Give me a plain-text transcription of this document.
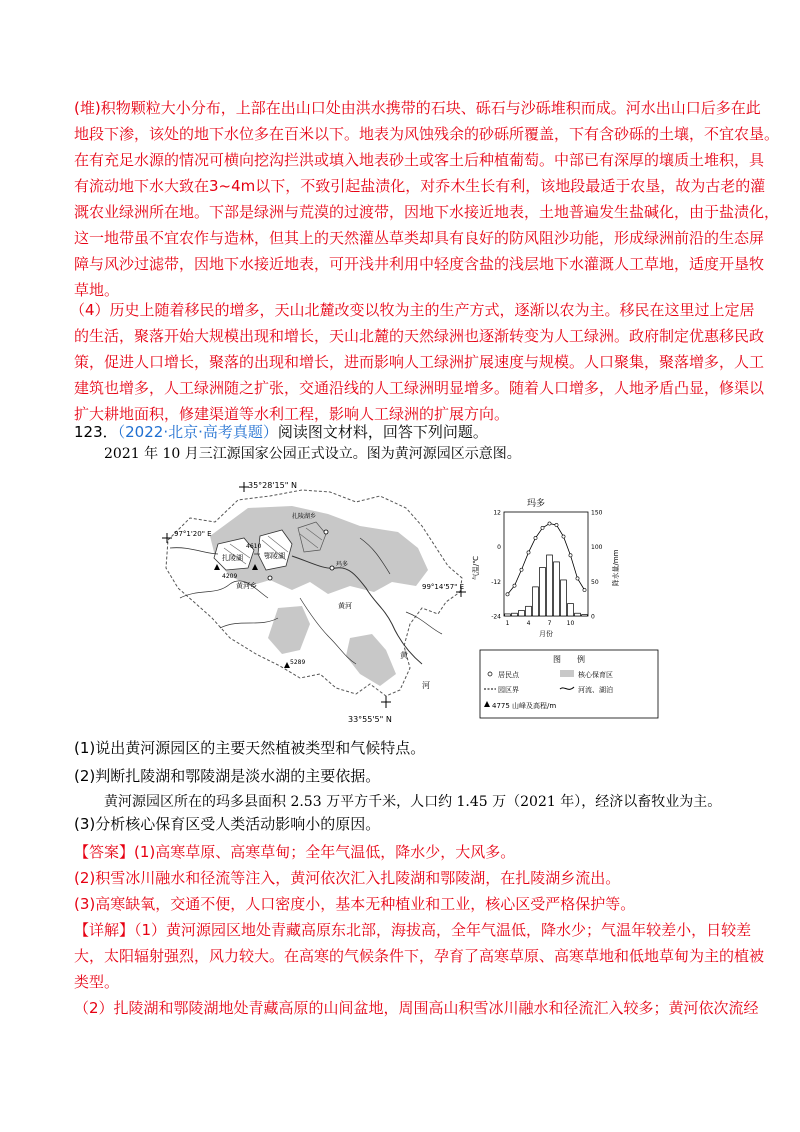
(堆)积物颗粒大小分布，上部在出山口处由洪水携带的石块、砾石与沙砾堆积而成。河水出山口后多在此
地段下渗，该处的地下水位多在百米以下。地表为风蚀残余的砂砾所覆盖，下有含砂砾的土壤，不宜农垦。
在有充足水源的情况可横向挖沟拦洪或填入地表砂土或客土后种植葡萄。中部已有深厚的壤质土堆积，具
有流动地下水大致在3~4m以下，不致引起盐渍化，对乔木生长有利，该地段最适于农垦，故为古老的灌
溉农业绿洲所在地。下部是绿洲与荒漠的过渡带，因地下水接近地表，土地普遍发生盐碱化，由于盐渍化，
这一地带虽不宜农作与造林，但其上的天然灌丛草类却具有良好的防风阻沙功能，形成绿洲前沿的生态屏
障与风沙过滤带，因地下水接近地表，可开浅井利用中轻度含盐的浅层地下水灌溉人工草地，适度开垦牧
草地。
（4）历史上随着移民的增多，天山北麓改变以牧为主的生产方式，逐渐以农为主。移民在这里过上定居
的生活，聚落开始大规模出现和增长，天山北麓的天然绿洲也逐渐转变为人工绿洲。政府制定优惠移民政
策，促进人口增长，聚落的出现和增长，进而影响人工绿洲扩展速度与规模。人口聚集，聚落增多，人工
建筑也增多，人工绿洲随之扩张，交通沿线的人工绿洲明显增多。随着人口增多，人地矛盾凸显，修渠以
扩大耕地面积，修建渠道等水利工程，影响人工绿洲的扩展方向。
123．（2022·北京·高考真题）阅读图文材料，回答下列问题。
2021 年 10 月三江源国家公园正式设立。图为黄河源园区示意图。
35°28'15" N
97°1'20" E
99°14'57" E
33°55'5" N
扎陵湖	鄂陵湖
黄河乡
扎陵湖乡
玛多
4610
4209
5289
黄河
黄
河
玛多
12
0
-12
-24
150
100
50
0
1	4	7	10
气温/℃	降水量/mm
月份
图　　例
居民点	核心保育区
园区界	河流、湖泊
4775 山峰及高程/m
(1)说出黄河源园区的主要天然植被类型和气候特点。
(2)判断扎陵湖和鄂陵湖是淡水湖的主要依据。
黄河源园区所在的玛多县面积 2.53 万平方千米，人口约 1.45 万（2021 年），经济以畜牧业为主。
(3)分析核心保育区受人类活动影响小的原因。
【答案】(1)高寒草原、高寒草甸；全年气温低，降水少，大风多。
(2)积雪冰川融水和径流等注入，黄河依次汇入扎陵湖和鄂陵湖，在扎陵湖乡流出。
(3)高寒缺氧，交通不便，人口密度小，基本无种植业和工业，核心区受严格保护等。
【详解】（1）黄河源园区地处青藏高原东北部，海拔高，全年气温低，降水少；气温年较差小，日较差
大，太阳辐射强烈，风力较大。在高寒的气候条件下，孕育了高寒草原、高寒草地和低地草甸为主的植被
类型。
（2）扎陵湖和鄂陵湖地处青藏高原的山间盆地，周围高山积雪冰川融水和径流汇入较多；黄河依次流经
